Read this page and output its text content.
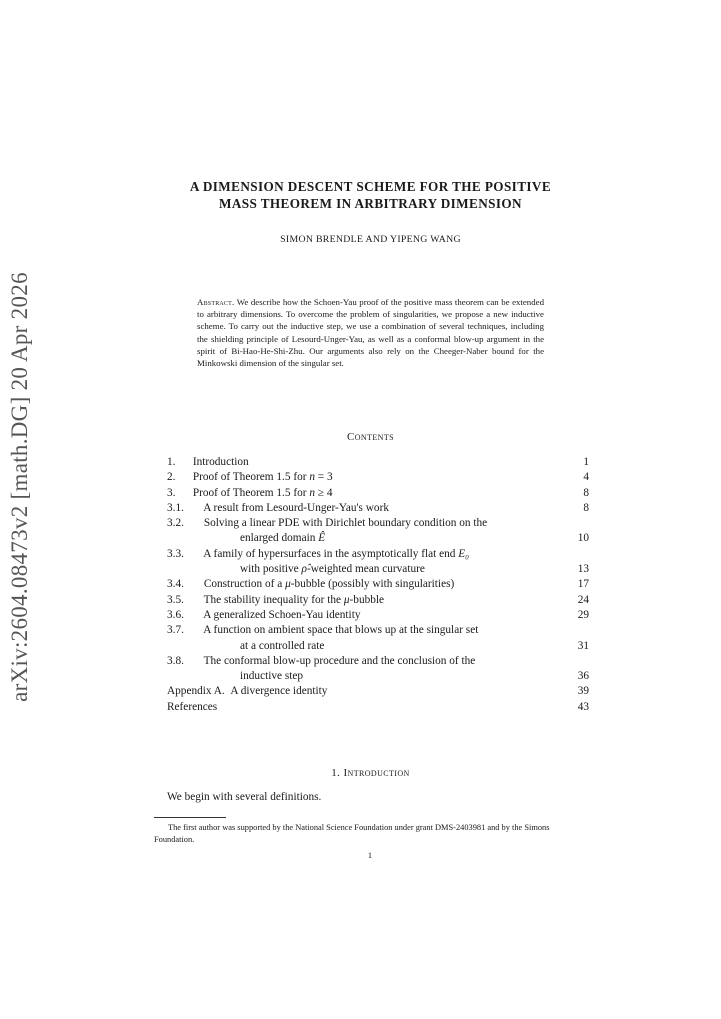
arXiv:2604.08473v2 [math.DG] 20 Apr 2026
A DIMENSION DESCENT SCHEME FOR THE POSITIVE
MASS THEOREM IN ARBITRARY DIMENSION
SIMON BRENDLE AND YIPENG WANG
Abstract. We describe how the Schoen-Yau proof of the positive mass theorem can be extended to arbitrary dimensions. To overcome the problem of singularities, we propose a new inductive scheme. To carry out the inductive step, we use a combination of several techniques, including the shielding principle of Lesourd-Unger-Yau, as well as a conformal blow-up argument in the spirit of Bi-Hao-He-Shi-Zhu. Our arguments also rely on the Cheeger-Naber bound for the Minkowski dimension of the singular set.
Contents
1. Introduction	1
2. Proof of Theorem 1.5 for n = 3	4
3. Proof of Theorem 1.5 for n ≥ 4	8
3.1. A result from Lesourd-Unger-Yau's work	8
3.2. Solving a linear PDE with Dirichlet boundary condition on the
enlarged domain Ê	10
3.3. A family of hypersurfaces in the asymptotically flat end E₀
with positive ρ̂-weighted mean curvature	13
3.4. Construction of a μ-bubble (possibly with singularities)	17
3.5. The stability inequality for the μ-bubble	24
3.6. A generalized Schoen-Yau identity	29
3.7. A function on ambient space that blows up at the singular set
at a controlled rate	31
3.8. The conformal blow-up procedure and the conclusion of the
inductive step	36
Appendix A. A divergence identity	39
References	43
1. Introduction
We begin with several definitions.
The first author was supported by the National Science Foundation under grant DMS-2403981 and by the Simons Foundation.
1
